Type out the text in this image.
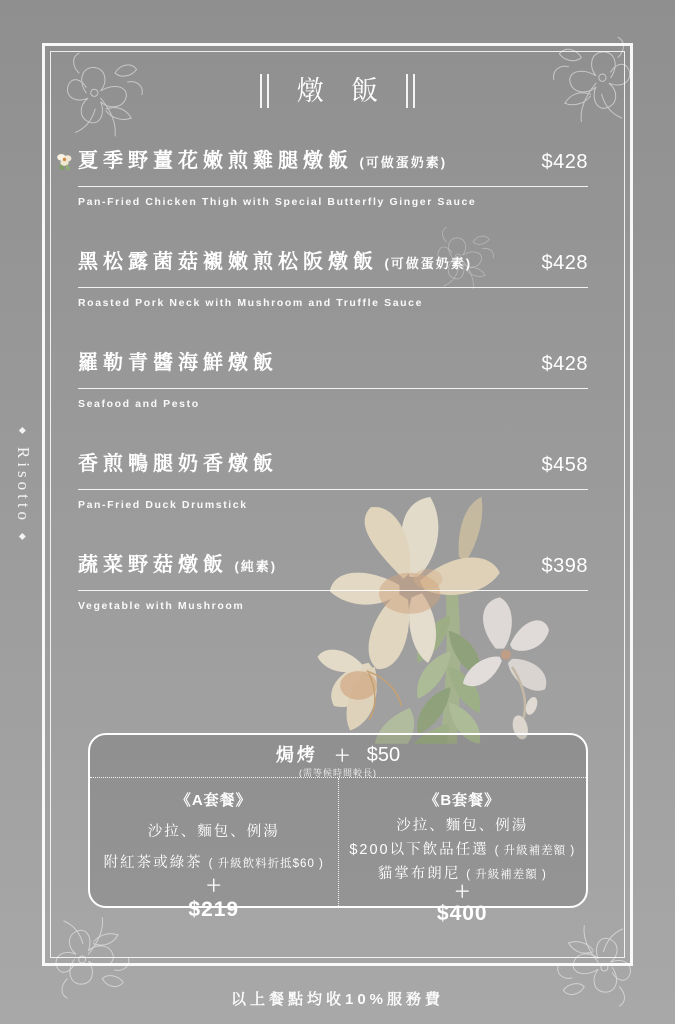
燉 飯
◆Risotto◆
夏季野薑花嫩煎雞腿燉飯 (可做蛋奶素)	$428
Pan-Fried Chicken Thigh with Special Butterfly Ginger Sauce
黑松露菌菇襯嫩煎松阪燉飯 (可做蛋奶素)	$428
Roasted Pork Neck with Mushroom and Truffle Sauce
羅勒青醬海鮮燉飯	$428
Seafood and Pesto
香煎鴨腿奶香燉飯	$458
Pan-Fried Duck Drumstick
蔬菜野菇燉飯 (純素)	$398
Vegetable with Mushroom
焗烤 ＋ $50
(需等候時間較長)
《A套餐》
沙拉、麵包、例湯
附紅茶或綠茶 ( 升級飲料折抵$60 )
＋
$219
《B套餐》
沙拉、麵包、例湯
$200以下飲品任選 ( 升級補差額 )
貓掌布朗尼 ( 升級補差額 )
＋
$400
以上餐點均收10%服務費
